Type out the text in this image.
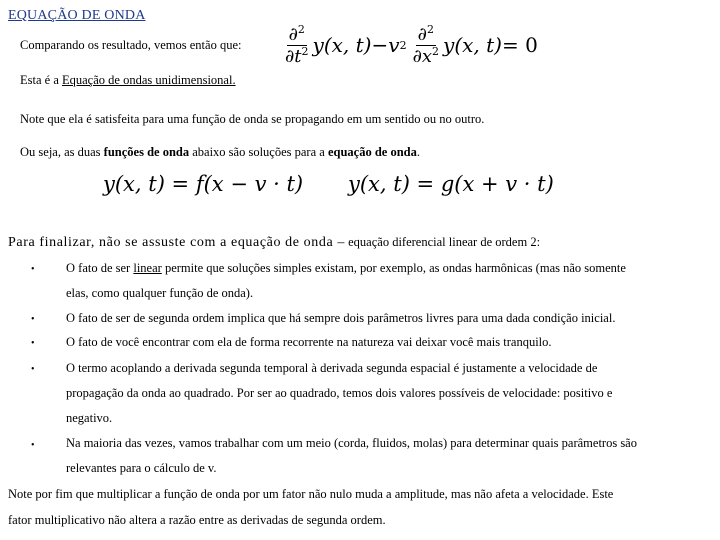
EQUAÇÃO DE ONDA
Comparando os resultado, vemos então que: $\frac{\partial^2}{\partial t^2} y(x$, t) − v $2 \frac{\partial^2}{\partial x^2} y(x$, t) = 0
Esta é a Equação de ondas unidimensional.
Note que ela é satisfeita para uma função de onda se propagando em um sentido ou no outro.
Ou seja, as duas funções de onda abaixo são soluções para a equação de onda.
y(x, t) = f(x − v · t) y(x, t) = g(x + v · t)
Para finalizar, não se assuste com a equação de onda – equação diferencial linear de ordem 2:
•	O fato de ser linear permite que soluções simples existam, por exemplo, as ondas harmônicas (mas não somente
elas, como qualquer função de onda).
•	O fato de ser de segunda ordem implica que há sempre dois parâmetros livres para uma dada condição inicial.
•	O fato de você encontrar com ela de forma recorrente na natureza vai deixar você mais tranquilo.
•	O termo acoplando a derivada segunda temporal à derivada segunda espacial é justamente a velocidade de
propagação da onda ao quadrado. Por ser ao quadrado, temos dois valores possíveis de velocidade: positivo e
negativo.
•	Na maioria das vezes, vamos trabalhar com um meio (corda, fluidos, molas) para determinar quais parâmetros são
relevantes para o cálculo de v.
Note por fim que multiplicar a função de onda por um fator não nulo muda a amplitude, mas não afeta a velocidade. Este
fator multiplicativo não altera a razão entre as derivadas de segunda ordem.
